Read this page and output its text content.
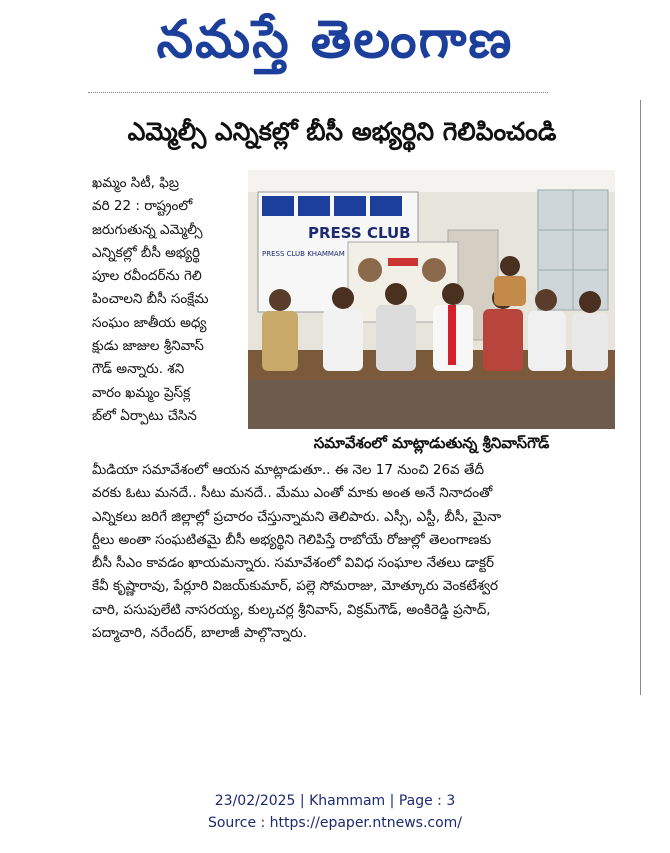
నమస్తే తెలంగాణ
ఎమ్మెల్సీ ఎన్నికల్లో బీసీ అభ్యర్థిని గెలిపించండి
ఖమ్మం సిటీ, ఫిబ్ర
వరి 22 : రాష్ట్రంలో
జరుగుతున్న ఎమ్మెల్సీ
ఎన్నికల్లో బీసీ అభ్యర్థి
పూల రవీందర్‌ను గెలి
పించాలని బీసీ సంక్షేమ
సంఘం జాతీయ అధ్య
క్షుడు జాజుల శ్రీనివాస్
గౌడ్ అన్నారు. శని
వారం ఖమ్మం ప్రెస్‌క్ల
బ్‌లో ఏర్పాటు చేసిన
PRESS CLUB
PRESS CLUB KHAMMAM
సమావేశంలో మాట్లాడుతున్న శ్రీనివాస్‌గౌడ్
మీడియా సమావేశంలో ఆయన మాట్లాడుతూ.. ఈ నెల 17 నుంచి 26వ తేదీ
వరకు ఓటు మనదే.. సీటు మనదే.. మేము ఎంతో మాకు అంత అనే నినాదంతో
ఎన్నికలు జరిగే జిల్లాల్లో ప్రచారం చేస్తున్నామని తెలిపారు. ఎస్సీ, ఎస్టీ, బీసీ, మైనా
ర్టీలు అంతా సంఘటితమై బీసీ అభ్యర్థిని గెలిపిస్తే రాబోయే రోజుల్లో తెలంగాణకు
బీసీ సీఎం కావడం ఖాయమన్నారు. సమావేశంలో వివిధ సంఘాల నేతలు డాక్టర్
కేవీ కృష్ణారావు, పేర్లూరి విజయ్‌కుమార్, పల్లె సోమరాజు, మోత్కూరు వెంకటేశ్వర
చారి, పసుపులేటి నాసరయ్య, కుల్కచర్ల శ్రీనివాస్, విక్రమ్‌గౌడ్, అంకిరెడ్డి ప్రసాద్,
పద్మాచారి, నరేందర్, బాలాజీ పాల్గొన్నారు.
23/02/2025 | Khammam | Page : 3
Source : https://epaper.ntnews.com/
